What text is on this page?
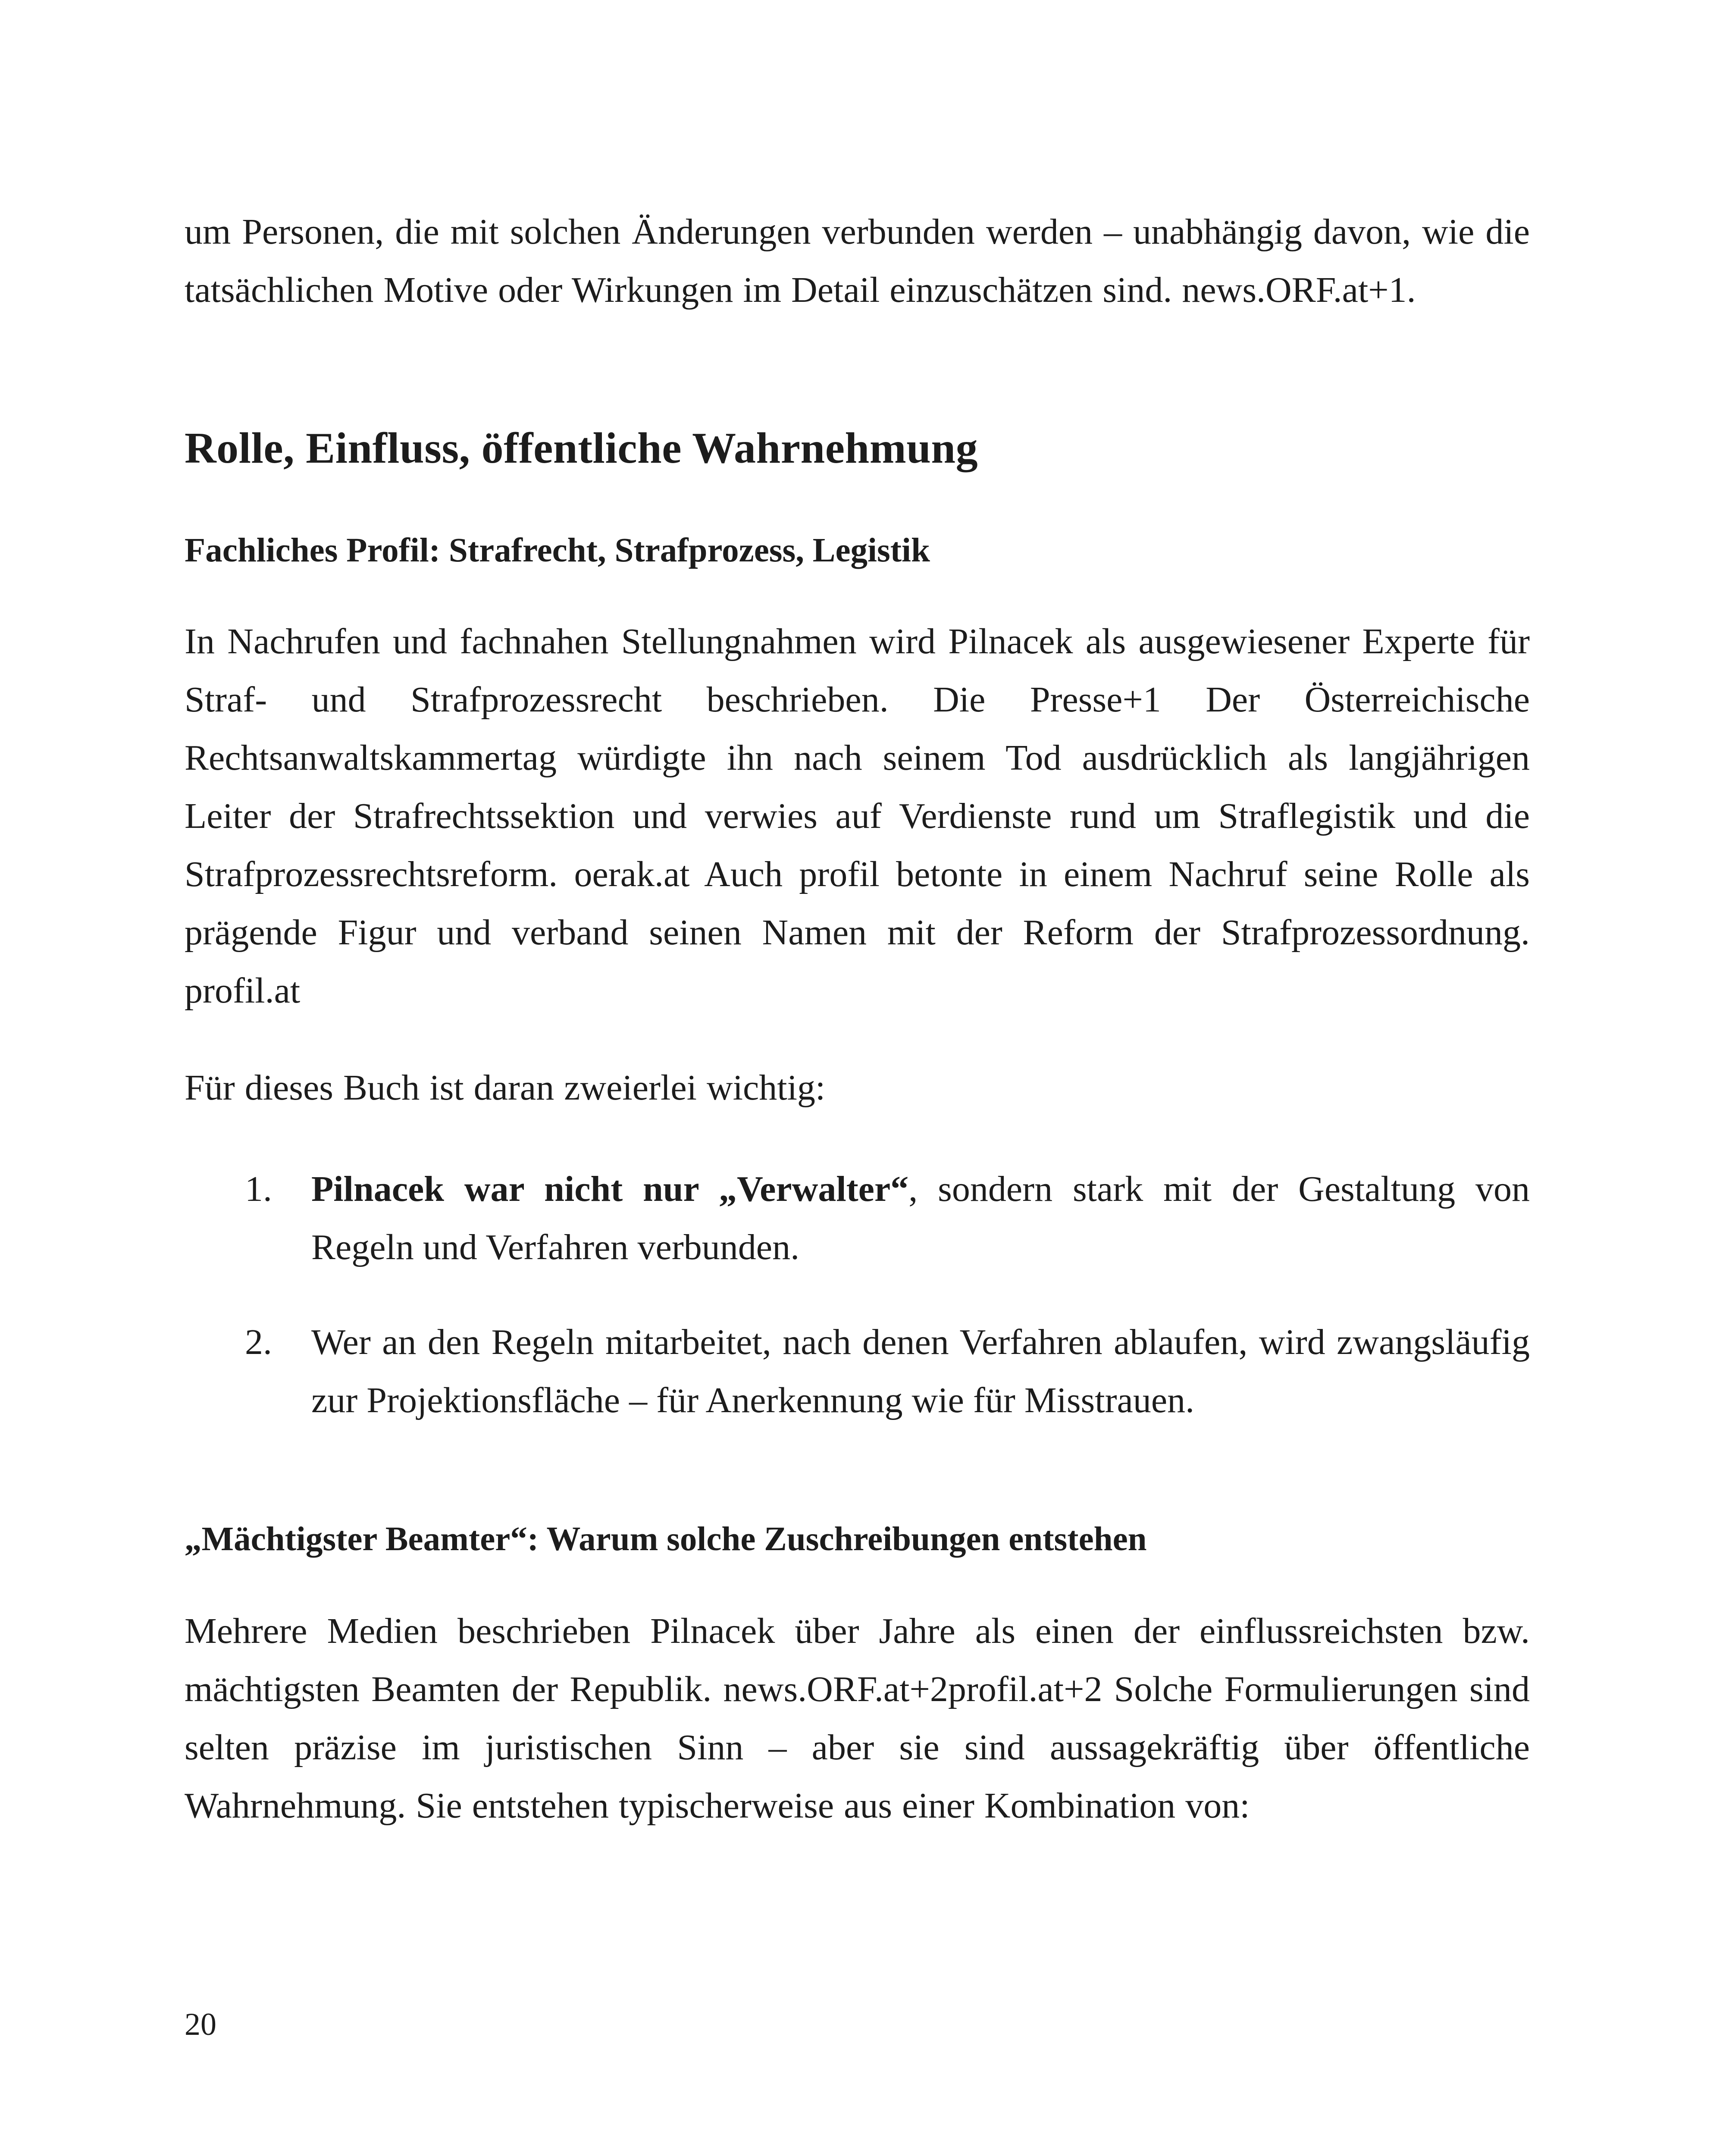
um Personen, die mit solchen Änderungen verbunden werden – unabhängig davon, wie die tatsächlichen Motive oder Wirkungen im Detail einzuschätzen sind. news.ORF.at+1.

Rolle, Einfluss, öffentliche Wahrnehmung
Fachliches Profil: Strafrecht, Strafprozess, Legistik

In Nachrufen und fachnahen Stellungnahmen wird Pilnacek als ausgewiesener Experte für Straf- und Strafprozessrecht beschrieben. Die Presse+1 Der Österreichische Rechtsanwaltskammertag würdigte ihn nach seinem Tod ausdrücklich als langjährigen Leiter der Strafrechtssektion und verwies auf Verdienste rund um Straflegistik und die Strafprozessrechtsreform. oerak.at Auch profil betonte in einem Nachruf seine Rolle als prägende Figur und verband seinen Namen mit der Reform der Strafprozessordnung. profil.at

Für dieses Buch ist daran zweierlei wichtig:

1. Pilnacek war nicht nur „Verwalter“, sondern stark mit der Gestaltung von Regeln und Verfahren verbunden.
2. Wer an den Regeln mitarbeitet, nach denen Verfahren ablaufen, wird zwangsläufig zur Projektionsfläche – für Anerkennung wie für Misstrauen.
„Mächtigster Beamter“: Warum solche Zuschreibungen entstehen

Mehrere Medien beschrieben Pilnacek über Jahre als einen der einflussreichsten bzw. mächtigsten Beamten der Republik. news.ORF.at+2profil.at+2 Solche Formulierungen sind selten präzise im juristischen Sinn – aber sie sind aussagekräftig über öffentliche Wahrnehmung. Sie entstehen typischerweise aus einer Kombination von:

20
